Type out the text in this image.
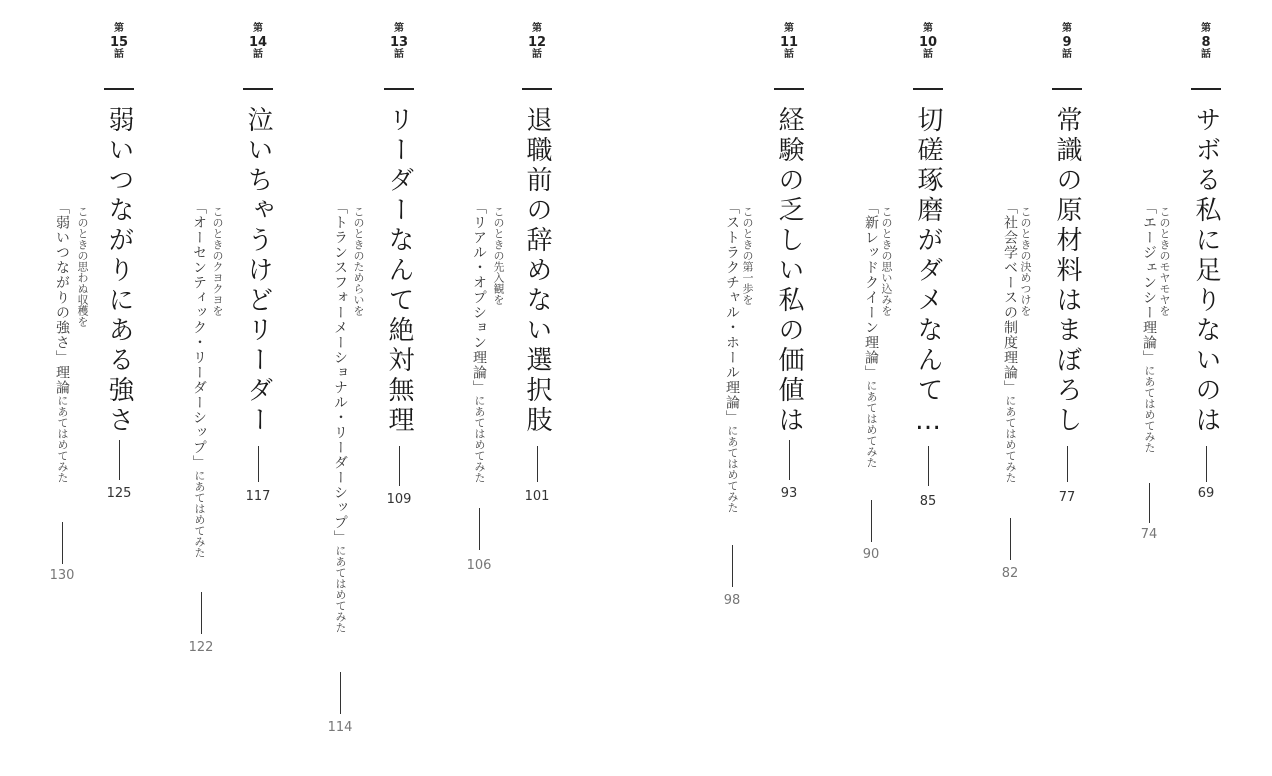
第
8
話
サボる私に足りないのは
69
このときのモヤモヤを
「エージェンシー理論」にあてはめてみた
74
第
9
話
常識の原材料はまぼろし
77
このときの決めつけを
「社会学ベースの制度理論」にあてはめてみた
82
第
10
話
切磋琢磨がダメなんて…
85
このときの思い込みを
「新レッドクイーン理論」にあてはめてみた
90
第
11
話
経験の乏しい私の価値は
93
このときの第一歩を
「ストラクチャル・ホール理論」にあてはめてみた
98
第
12
話
退職前の辞めない選択肢
101
このときの先入観を
「リアル・オプション理論」にあてはめてみた
106
第
13
話
リーダーなんて絶対無理
109
このときのためらいを
「トランスフォーメーショナル・リーダーシップ」にあてはめてみた
114
第
14
話
泣いちゃうけどリーダー
117
このときのクヨクヨを
「オーセンティック・リーダーシップ」にあてはめてみた
122
第
15
話
弱いつながりにある強さ
125
このときの思わぬ収穫を
「弱いつながりの強さ」理論にあてはめてみた
130
